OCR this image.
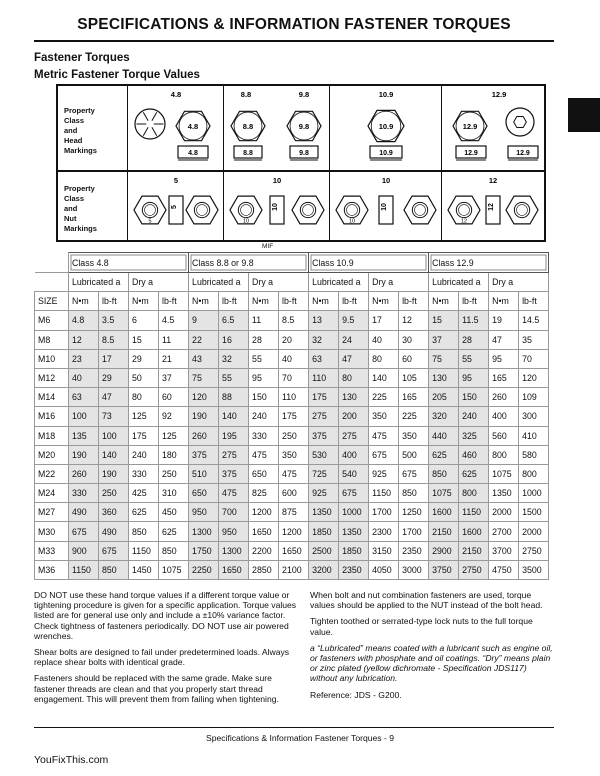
SPECIFICATIONS & INFORMATION FASTENER TORQUES
Fastener Torques
Metric Fastener Torque Values
Property
Class
and
Head
Markings
4.8
4.8
4.8
8.8	9.8
8.8	9.8
8.8	9.8
10.9
10.9
10.9
12.9
12.9
12.9	12.9
Property
Class
and
Nut
Markings
5
5
5
10
10
10
10
10
10
12
12
12
MIF
	Class 4.8				Class 8.8 or 9.8				Class 10.9				Class 12.9			
	Lubricated a		Dry a		Lubricated a		Dry a		Lubricated a		Dry a		Lubricated a		Dry a	
SIZE	N•m	lb-ft	N•m	lb-ft	N•m	lb-ft	N•m	lb-ft	N•m	lb-ft	N•m	lb-ft	N•m	lb-ft	N•m	lb-ft
M6	4.8	3.5	6	4.5	9	6.5	11	8.5	13	9.5	17	12	15	11.5	19	14.5
M8	12	8.5	15	11	22	16	28	20	32	24	40	30	37	28	47	35
M10	23	17	29	21	43	32	55	40	63	47	80	60	75	55	95	70
M12	40	29	50	37	75	55	95	70	110	80	140	105	130	95	165	120
M14	63	47	80	60	120	88	150	110	175	130	225	165	205	150	260	109
M16	100	73	125	92	190	140	240	175	275	200	350	225	320	240	400	300
M18	135	100	175	125	260	195	330	250	375	275	475	350	440	325	560	410
M20	190	140	240	180	375	275	475	350	530	400	675	500	625	460	800	580
M22	260	190	330	250	510	375	650	475	725	540	925	675	850	625	1075	800
M24	330	250	425	310	650	475	825	600	925	675	1150	850	1075	800	1350	1000
M27	490	360	625	450	950	700	1200	875	1350	1000	1700	1250	1600	1150	2000	1500
M30	675	490	850	625	1300	950	1650	1200	1850	1350	2300	1700	2150	1600	2700	2000
M33	900	675	1150	850	1750	1300	2200	1650	2500	1850	3150	2350	2900	2150	3700	2750
M36	1150	850	1450	1075	2250	1650	2850	2100	3200	2350	4050	3000	3750	2750	4750	3500

DO NOT use these hand torque values if a different torque value or tightening procedure is given for a specific application. Torque values listed are for general use only and include a ±10% variance factor. Check tightness of fasteners periodically. DO NOT use air powered wrenches.

Shear bolts are designed to fail under predetermined loads. Always replace shear bolts with identical grade.

Fasteners should be replaced with the same grade. Make sure fastener threads are clean and that you properly start thread engagement. This will prevent them from failing when tightening.

When bolt and nut combination fasteners are used, torque values should be applied to the NUT instead of the bolt head.

Tighten toothed or serrated-type lock nuts to the full torque value.

a “Lubricated” means coated with a lubricant such as engine oil, or fasteners with phosphate and oil coatings. “Dry” means plain or zinc plated (yellow dichromate - Specification JDS117) without any lubrication.

Reference: JDS - G200.

Specifications & Information Fastener Torques - 9
YouFixThis.com
